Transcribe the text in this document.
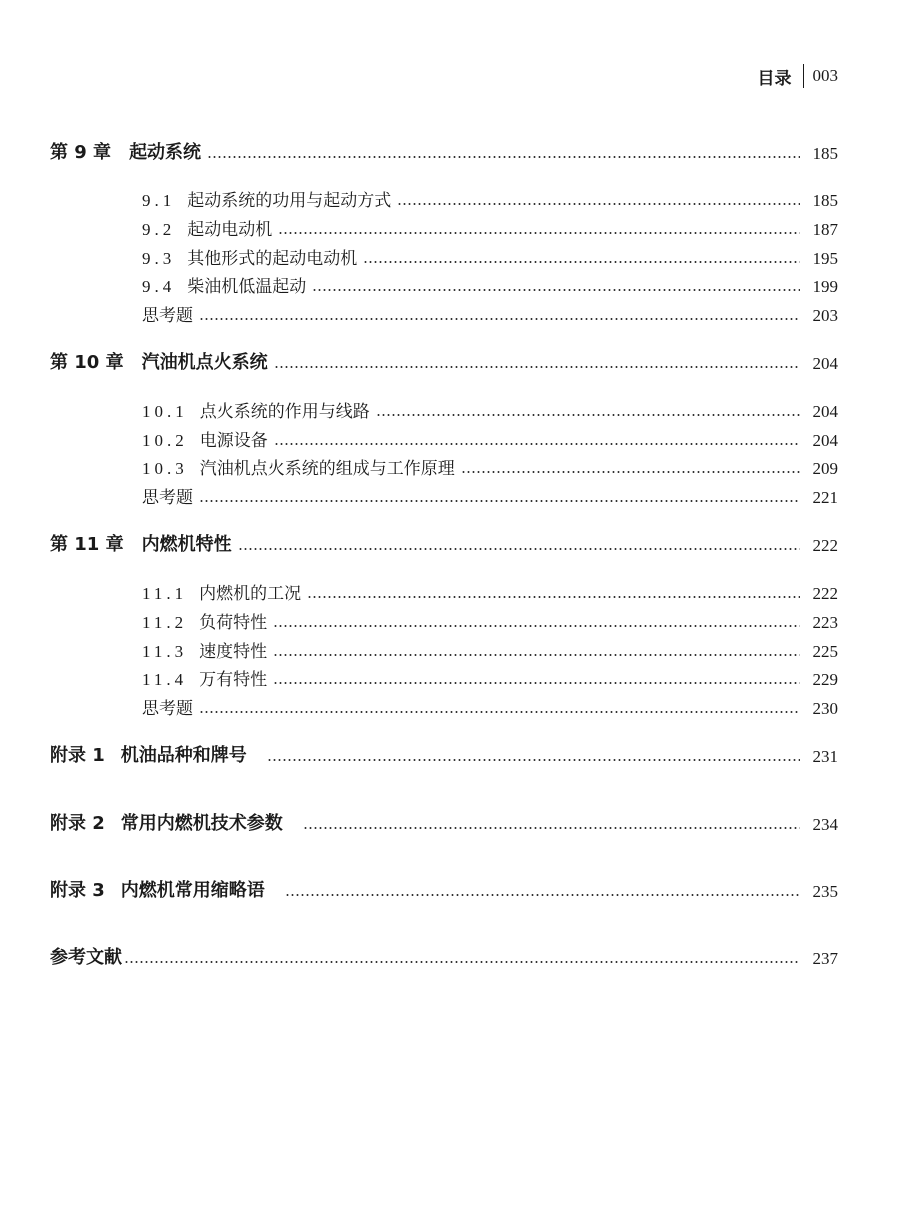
目录 003
第 9 章 起动系统	185
9.1 起动系统的功用与起动方式	185
9.2 起动电动机	187
9.3 其他形式的起动电动机	195
9.4 柴油机低温起动	199
思考题	203
第 10 章 汽油机点火系统	204
10.1 点火系统的作用与线路	204
10.2 电源设备	204
10.3 汽油机点火系统的组成与工作原理	209
思考题	221
第 11 章 内燃机特性	222
11.1 内燃机的工况	222
11.2 负荷特性	223
11.3 速度特性	225
11.4 万有特性	229
思考题	230
附录 1 机油品种和牌号	231
附录 2 常用内燃机技术参数	234
附录 3 内燃机常用缩略语	235
参考文献	237
